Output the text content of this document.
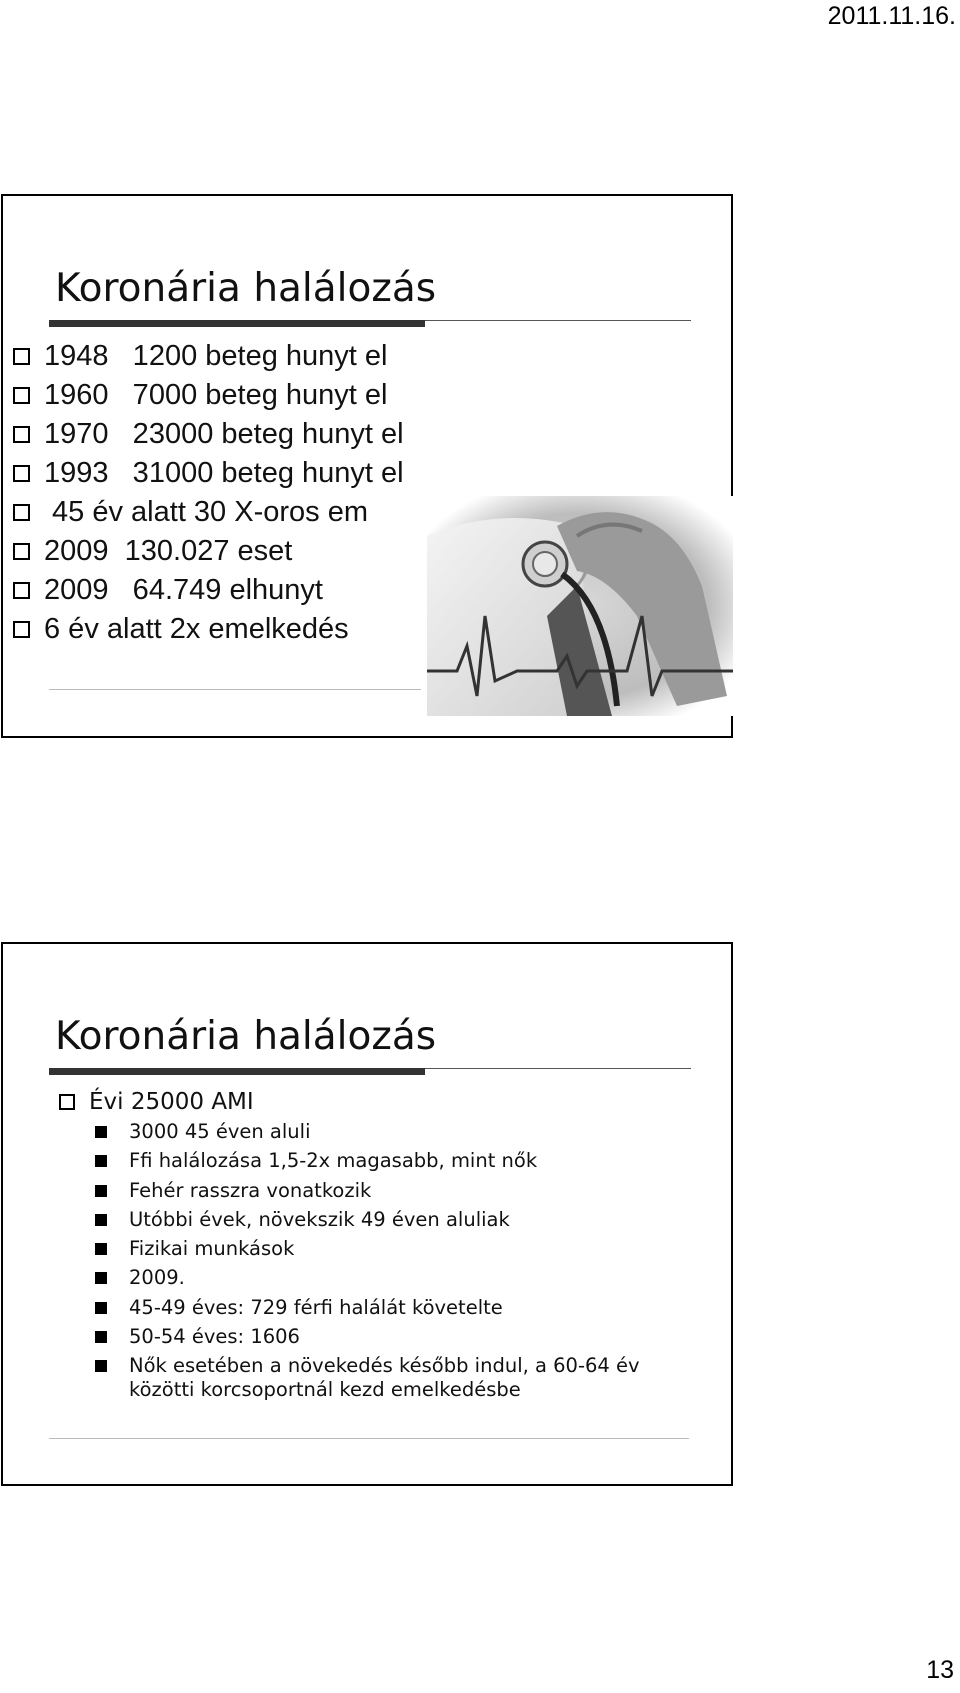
2011.11.16.
Koronária halálozás
1948   1200 beteg hunyt el
1960   7000 beteg hunyt el
1970   23000 beteg hunyt el
1993   31000 beteg hunyt el
45 év alatt 30 X-oros em
2009  130.027 eset
2009   64.749 elhunyt
6 év alatt 2x emelkedés
Koronária halálozás
Évi 25000 AMI
3000 45 éven aluli
Ffi halálozása 1,5-2x magasabb, mint nők
Fehér rasszra vonatkozik
Utóbbi évek, növekszik 49 éven aluliak
Fizikai munkások
2009.
45-49 éves: 729 férfi halálát követelte
50-54 éves: 1606
Nők esetében a növekedés később indul, a 60-64 év közötti korcsoportnál kezd emelkedésbe
13
